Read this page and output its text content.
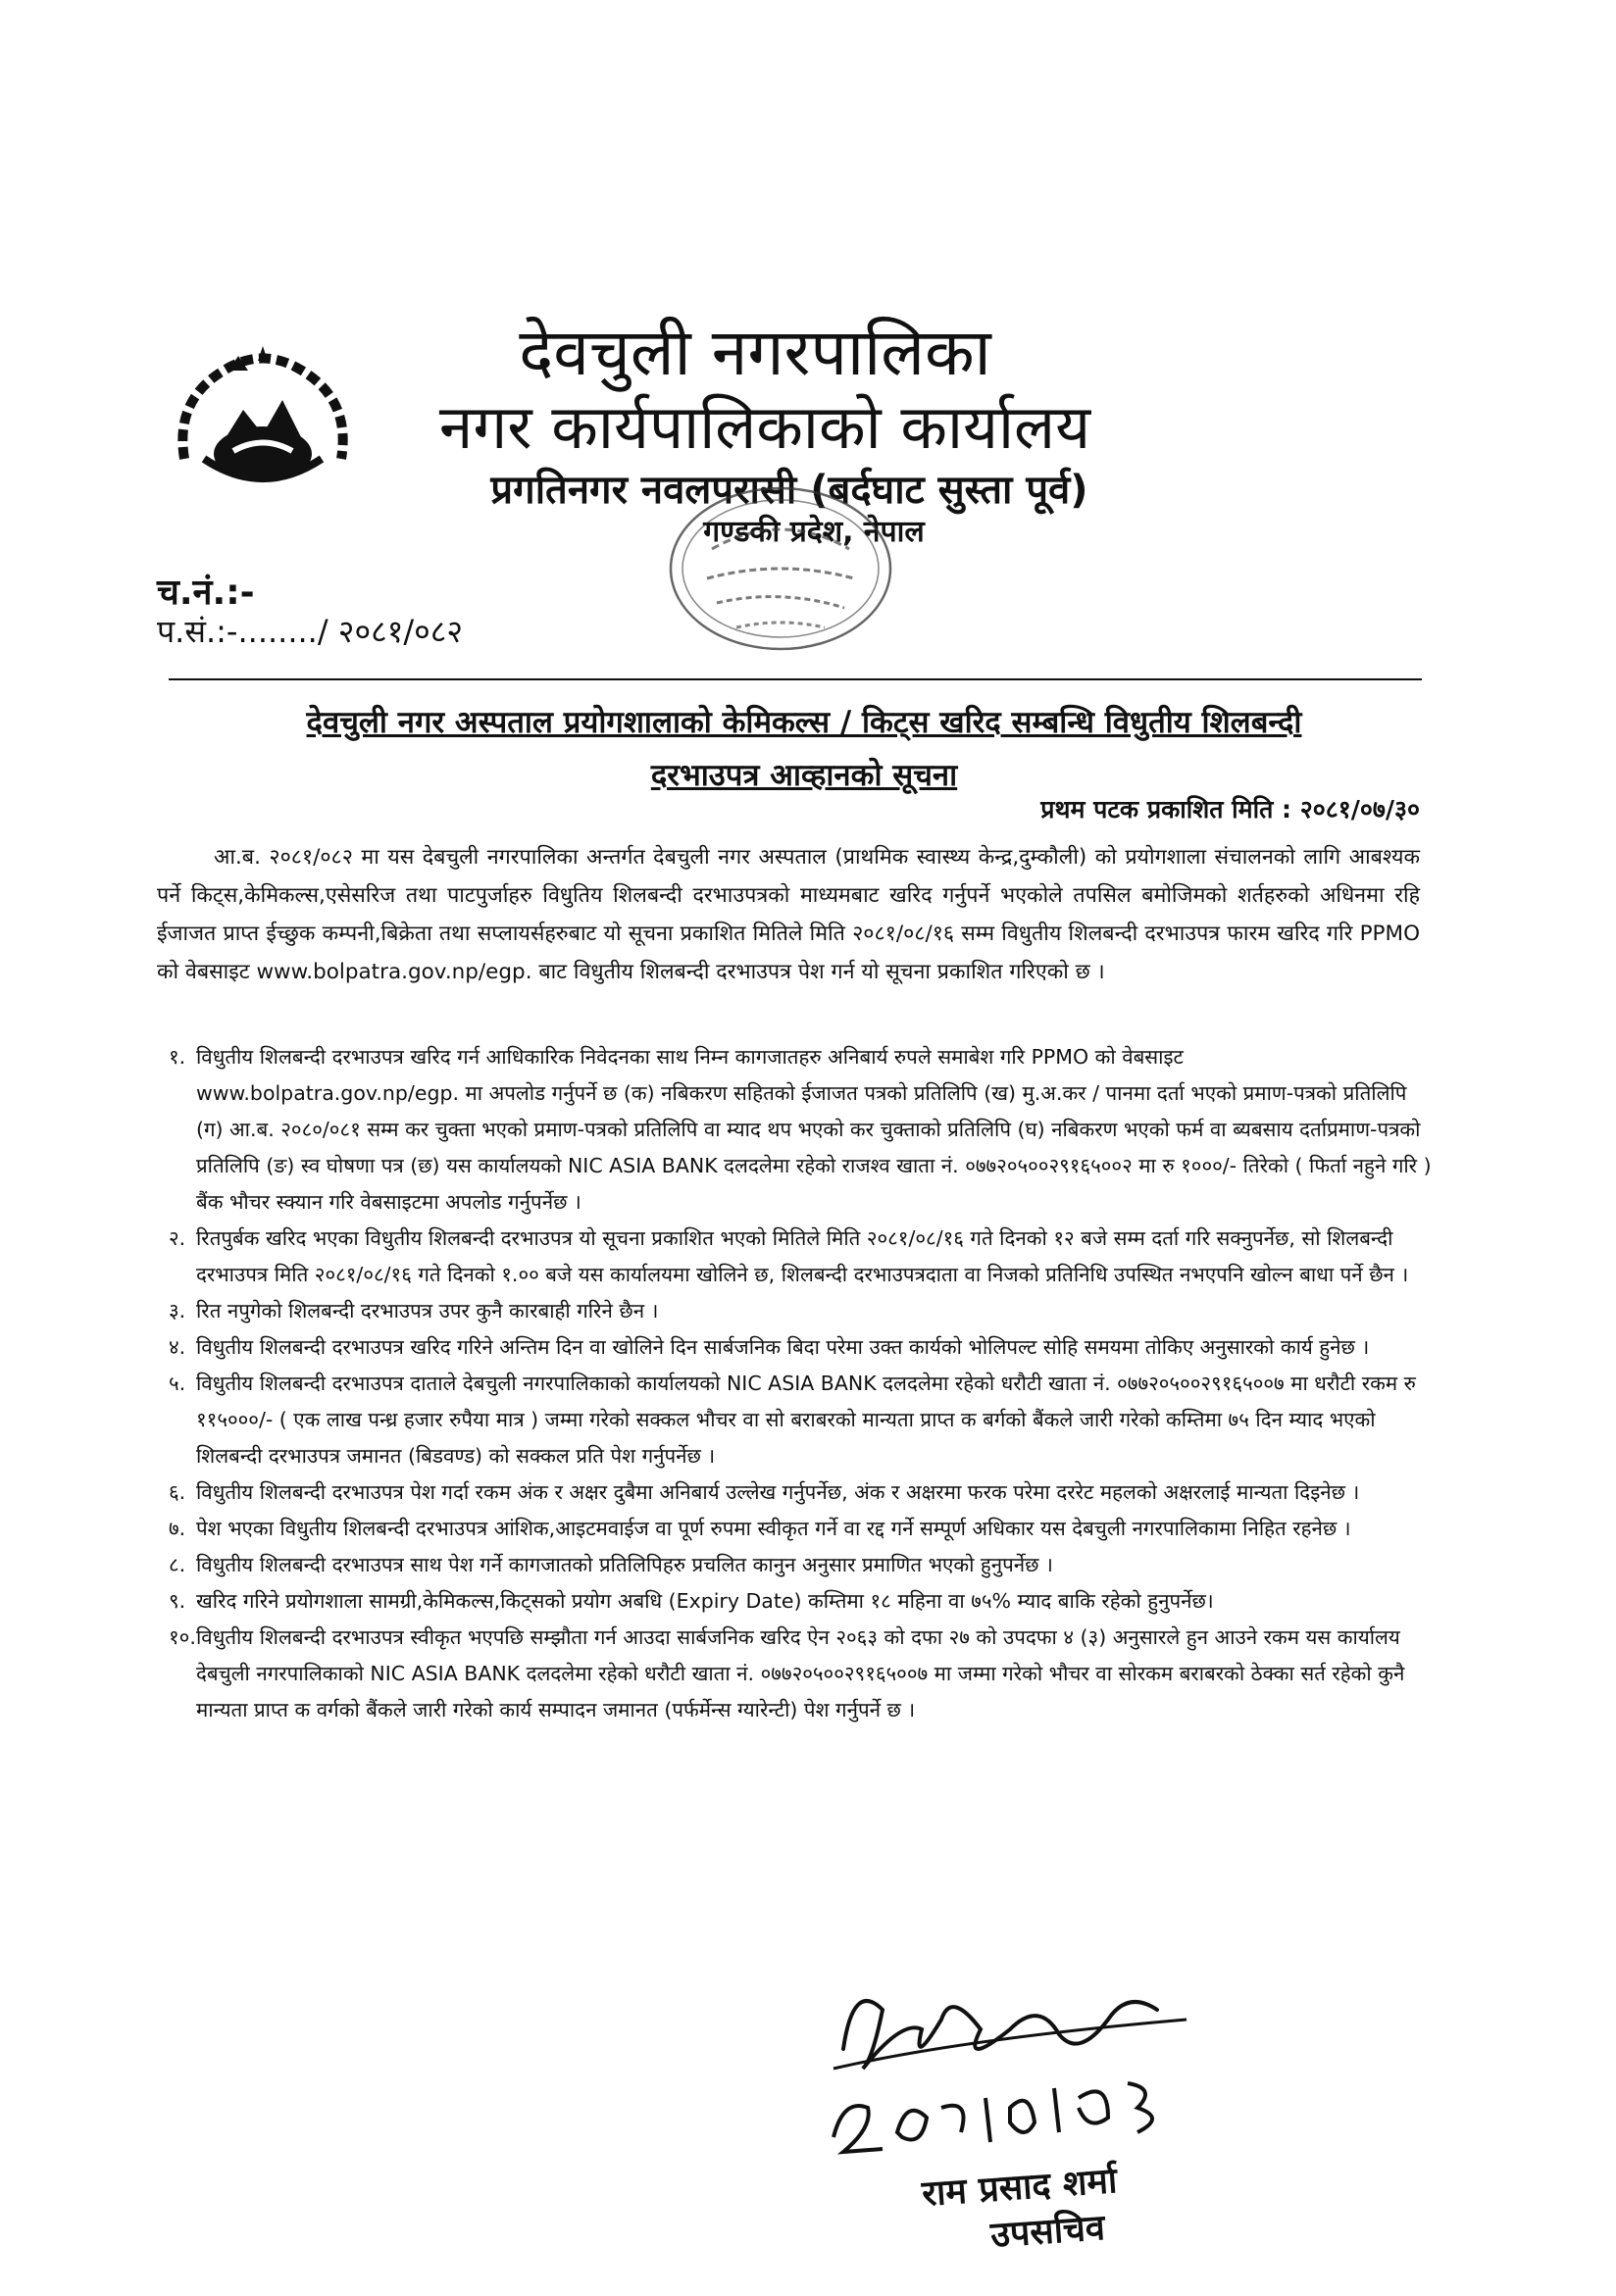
देवचुली नगरपालिका
नगर कार्यपालिकाको कार्यालय
प्रगतिनगर नवलपरासी (बर्दघाट सुस्ता पूर्व)
गण्डकी प्रदेश, नेपाल
च.नं.:-
प.सं.:-......../ २०८१/०८२
देवचुली नगर अस्पताल प्रयोगशालाको केमिकल्स / किट्स खरिद सम्बन्धि विधुतीय शिलबन्दी
दरभाउपत्र आव्हानको सूचना
प्रथम पटक प्रकाशित मिति : २०८१/०७/३०
आ.ब. २०८१/०८२ मा यस देबचुली नगरपालिका अन्तर्गत देबचुली नगर अस्पताल (प्राथमिक स्वास्थ्य केन्द्र,दुम्कौली) को प्रयोगशाला संचालनको लागि आबश्यक पर्ने किट्स,केमिकल्स,एसेसरिज तथा पाटपुर्जाहरु विधुतिय शिलबन्दी दरभाउपत्रको माध्यमबाट खरिद गर्नुपर्ने भएकोले तपसिल बमोजिमको शर्तहरुको अधिनमा रहि ईजाजत प्राप्त ईच्छुक कम्पनी,बिक्रेता तथा सप्लायर्सहरुबाट यो सूचना प्रकाशित मितिले मिति २०८१/०८/१६ सम्म विधुतीय शिलबन्दी दरभाउपत्र फारम खरिद गरि PPMO को वेबसाइट www.bolpatra.gov.np/egp. बाट विधुतीय शिलबन्दी दरभाउपत्र पेश गर्न यो सूचना प्रकाशित गरिएको छ ।
१. विधुतीय शिलबन्दी दरभाउपत्र खरिद गर्न आधिकारिक निवेदनका साथ निम्न कागजातहरु अनिबार्य रुपले समाबेश गरि PPMO को वेबसाइट www.bolpatra.gov.np/egp. मा अपलोड गर्नुपर्ने छ (क) नबिकरण सहितको ईजाजत पत्रको प्रतिलिपि (ख) मु.अ.कर / पानमा दर्ता भएको प्रमाण-पत्रको प्रतिलिपि (ग) आ.ब. २०८०/०८१ सम्म कर चुक्ता भएको प्रमाण-पत्रको प्रतिलिपि वा म्याद थप भएको कर चुक्ताको प्रतिलिपि (घ) नबिकरण भएको फर्म वा ब्यबसाय दर्ताप्रमाण-पत्रको प्रतिलिपि (ङ) स्व घोषणा पत्र (छ) यस कार्यालयको NIC ASIA BANK दलदलेमा रहेको राजश्व खाता नं. ०७७२०५००२९१६५००२ मा रु १०००/- तिरेको ( फिर्ता नहुने गरि ) बैंक भौचर स्क्यान गरि वेबसाइटमा अपलोड गर्नुपर्नेछ ।
२. रितपुर्बक खरिद भएका विधुतीय शिलबन्दी दरभाउपत्र यो सूचना प्रकाशित भएको मितिले मिति २०८१/०८/१६ गते दिनको १२ बजे सम्म दर्ता गरि सक्नुपर्नेछ, सो शिलबन्दी दरभाउपत्र मिति २०८१/०८/१६ गते दिनको १.०० बजे यस कार्यालयमा खोलिने छ, शिलबन्दी दरभाउपत्रदाता वा निजको प्रतिनिधि उपस्थित नभएपनि खोल्न बाधा पर्ने छैन ।
३. रित नपुगेको शिलबन्दी दरभाउपत्र उपर कुनै कारबाही गरिने छैन ।
४. विधुतीय शिलबन्दी दरभाउपत्र खरिद गरिने अन्तिम दिन वा खोलिने दिन सार्बजनिक बिदा परेमा उक्त कार्यको भोलिपल्ट सोहि समयमा तोकिए अनुसारको कार्य हुनेछ ।
५. विधुतीय शिलबन्दी दरभाउपत्र दाताले देबचुली नगरपालिकाको कार्यालयको NIC ASIA BANK दलदलेमा रहेको धरौटी खाता नं. ०७७२०५००२९१६५००७ मा धरौटी रकम रु ११५०००/- ( एक लाख पन्ध्र हजार रुपैया मात्र ) जम्मा गरेको सक्कल भौचर वा सो बराबरको मान्यता प्राप्त क बर्गको बैंकले जारी गरेको कम्तिमा ७५ दिन म्याद भएको शिलबन्दी दरभाउपत्र जमानत (बिडवण्ड) को सक्कल प्रति पेश गर्नुपर्नेछ ।
६. विधुतीय शिलबन्दी दरभाउपत्र पेश गर्दा रकम अंक र अक्षर दुबैमा अनिबार्य उल्लेख गर्नुपर्नेछ, अंक र अक्षरमा फरक परेमा दररेट महलको अक्षरलाई मान्यता दिइनेछ ।
७. पेश भएका विधुतीय शिलबन्दी दरभाउपत्र आंशिक,आइटमवाईज वा पूर्ण रुपमा स्वीकृत गर्ने वा रद्द गर्ने सम्पूर्ण अधिकार यस देबचुली नगरपालिकामा निहित रहनेछ ।
८. विधुतीय शिलबन्दी दरभाउपत्र साथ पेश गर्ने कागजातको प्रतिलिपिहरु प्रचलित कानुन अनुसार प्रमाणित भएको हुनुपर्नेछ ।
९. खरिद गरिने प्रयोगशाला सामग्री,केमिकल्स,किट्सको प्रयोग अबधि (Expiry Date) कम्तिमा १८ महिना वा ७५% म्याद बाकि रहेको हुनुपर्नेछ।
१०. विधुतीय शिलबन्दी दरभाउपत्र स्वीकृत भएपछि सम्झौता गर्न आउदा सार्बजनिक खरिद ऐन २०६३ को दफा २७ को उपदफा ४ (३) अनुसारले हुन आउने रकम यस कार्यालय देबचुली नगरपालिकाको NIC ASIA BANK दलदलेमा रहेको धरौटी खाता नं. ०७७२०५००२९१६५००७ मा जम्मा गरेको भौचर वा सोरकम बराबरको ठेक्का सर्त रहेको कुनै मान्यता प्राप्त क वर्गको बैंकले जारी गरेको कार्य सम्पादन जमानत (पर्फर्मेन्स ग्यारेन्टी) पेश गर्नुपर्ने छ ।
राम प्रसाद शर्मा
उपसचिव
